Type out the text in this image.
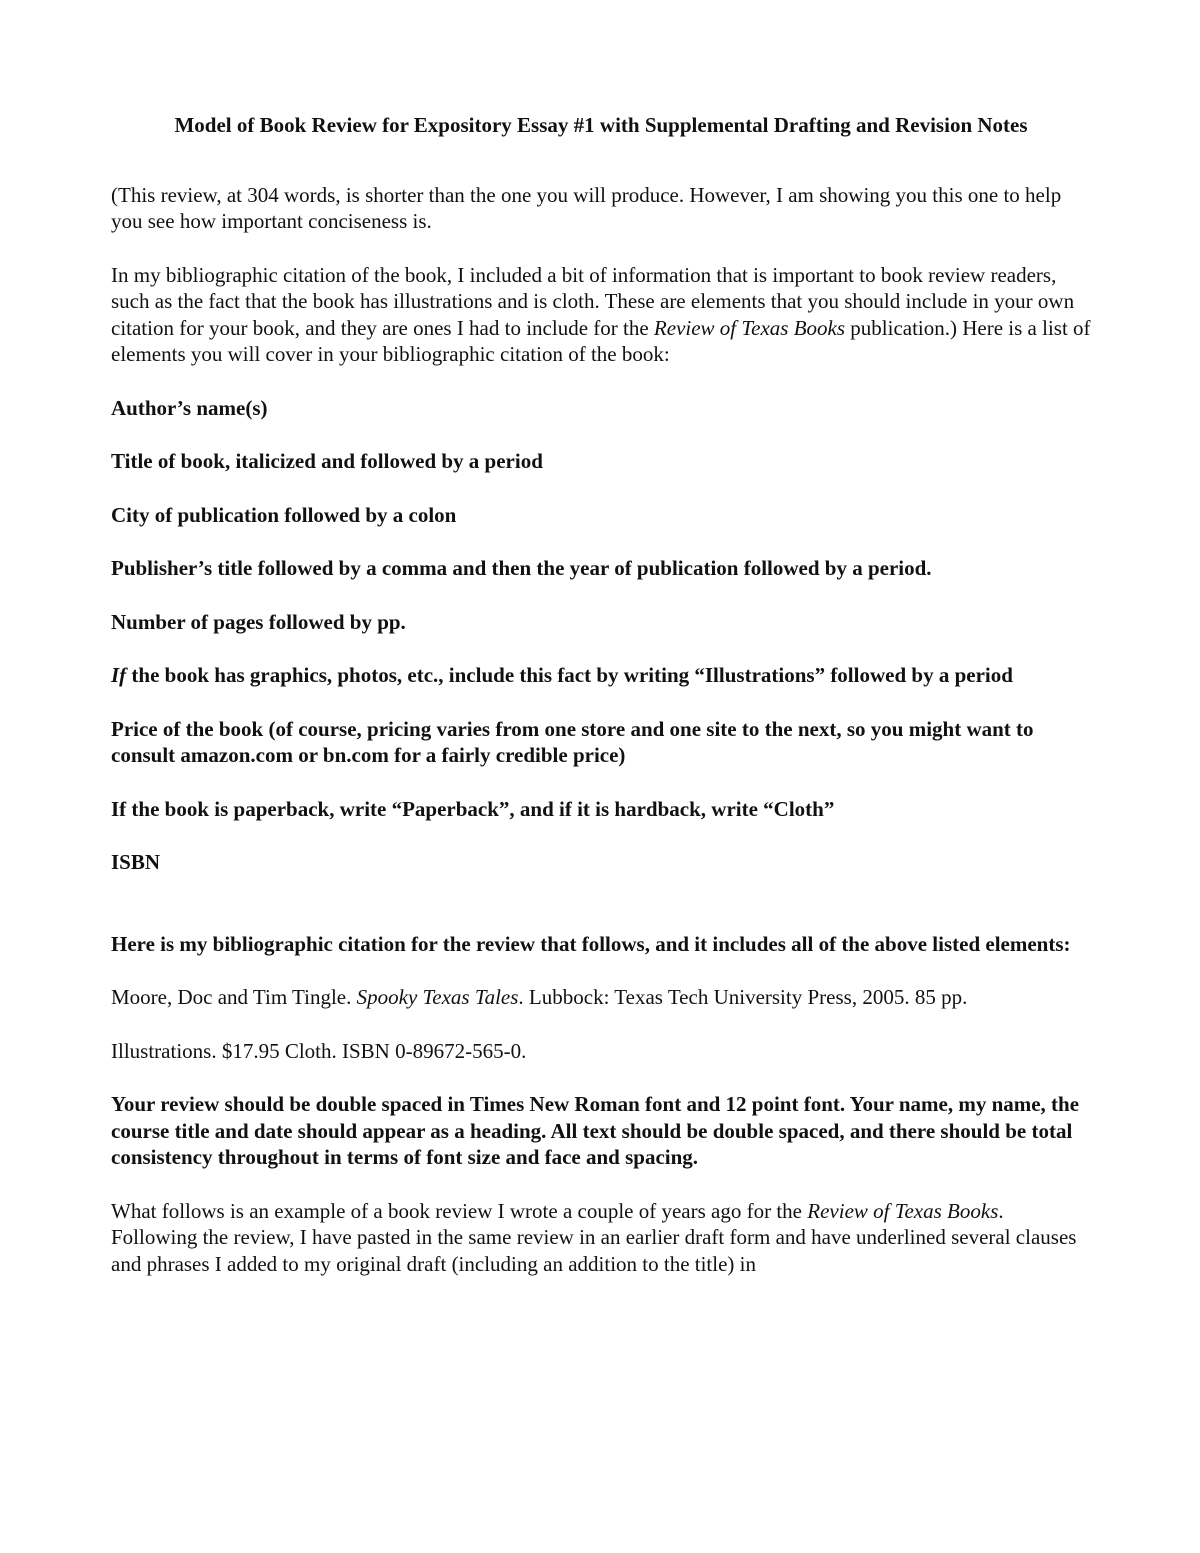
Model of Book Review for Expository Essay #1 with Supplemental Drafting and Revision Notes

(This review, at 304 words, is shorter than the one you will produce. However, I am showing you this one to help you see how important conciseness is.

In my bibliographic citation of the book, I included a bit of information that is important to book review readers, such as the fact that the book has illustrations and is cloth. These are elements that you should include in your own citation for your book, and they are ones I had to include for the Review of Texas Books publication.) Here is a list of elements you will cover in your bibliographic citation of the book:

Author’s name(s)

Title of book, italicized and followed by a period

City of publication followed by a colon

Publisher’s title followed by a comma and then the year of publication followed by a period.

Number of pages followed by pp.

If the book has graphics, photos, etc., include this fact by writing “Illustrations” followed by a period

Price of the book (of course, pricing varies from one store and one site to the next, so you might want to consult amazon.com or bn.com for a fairly credible price)

If the book is paperback, write “Paperback”, and if it is hardback, write “Cloth”

ISBN

Here is my bibliographic citation for the review that follows, and it includes all of the above listed elements:

Moore, Doc and Tim Tingle. Spooky Texas Tales. Lubbock: Texas Tech University Press, 2005. 85 pp.

Illustrations. $17.95 Cloth. ISBN 0-89672-565-0.

Your review should be double spaced in Times New Roman font and 12 point font. Your name, my name, the course title and date should appear as a heading. All text should be double spaced, and there should be total consistency throughout in terms of font size and face and spacing.

What follows is an example of a book review I wrote a couple of years ago for the Review of Texas Books. Following the review, I have pasted in the same review in an earlier draft form and have underlined several clauses and phrases I added to my original draft (including an addition to the title) in
